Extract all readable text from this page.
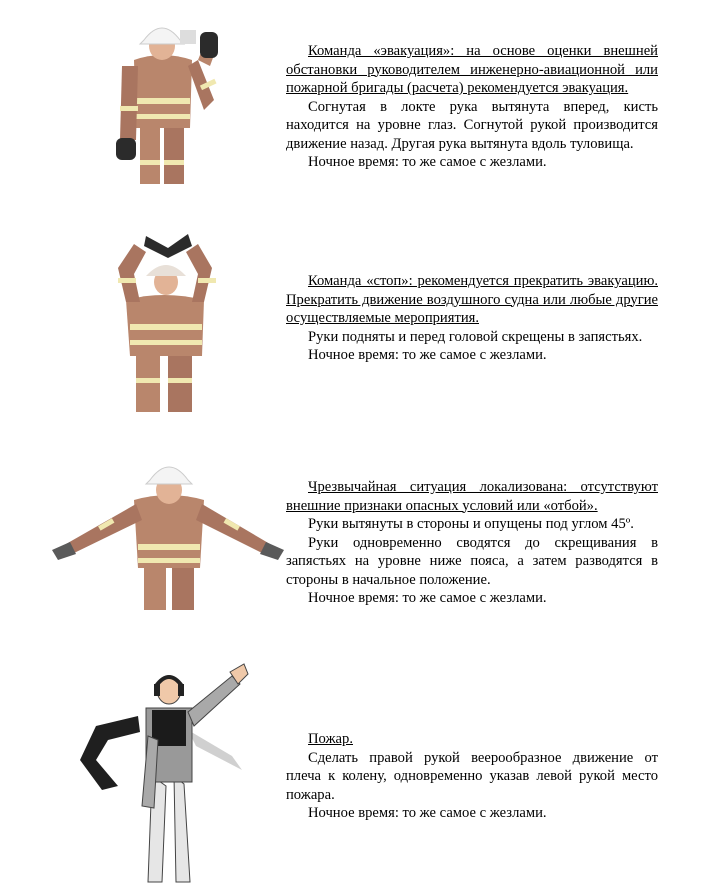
Команда «эвакуация»: на основе оценки внешней обстановки руководителем инженерно-авиационной или пожарной бригады (расчета) рекомендуется эвакуация.

Согнутая в локте рука вытянута вперед, кисть находится на уровне глаз. Согнутой рукой производится движение назад. Другая рука вытянута вдоль туловища.

Ночное время: то же самое с жезлами.

Команда «стоп»: рекомендуется прекратить эвакуацию. Прекратить движение воздушного судна или любые другие осуществляемые мероприятия.

Руки подняты и перед головой скрещены в запястьях.

Ночное время: то же самое с жезлами.

Чрезвычайная ситуация локализована: отсутствуют внешние признаки опасных условий или «отбой».

Руки вытянуты в стороны и опущены под углом 45º.

Руки одновременно сводятся до скрещивания в запястьях на уровне ниже пояса, а затем разводятся в стороны в начальное положение.

Ночное время: то же самое с жезлами.

Пожар.

Сделать правой рукой веерообразное движение от плеча к колену, одновременно указав левой рукой место пожара.

Ночное время: то же самое с жезлами.
